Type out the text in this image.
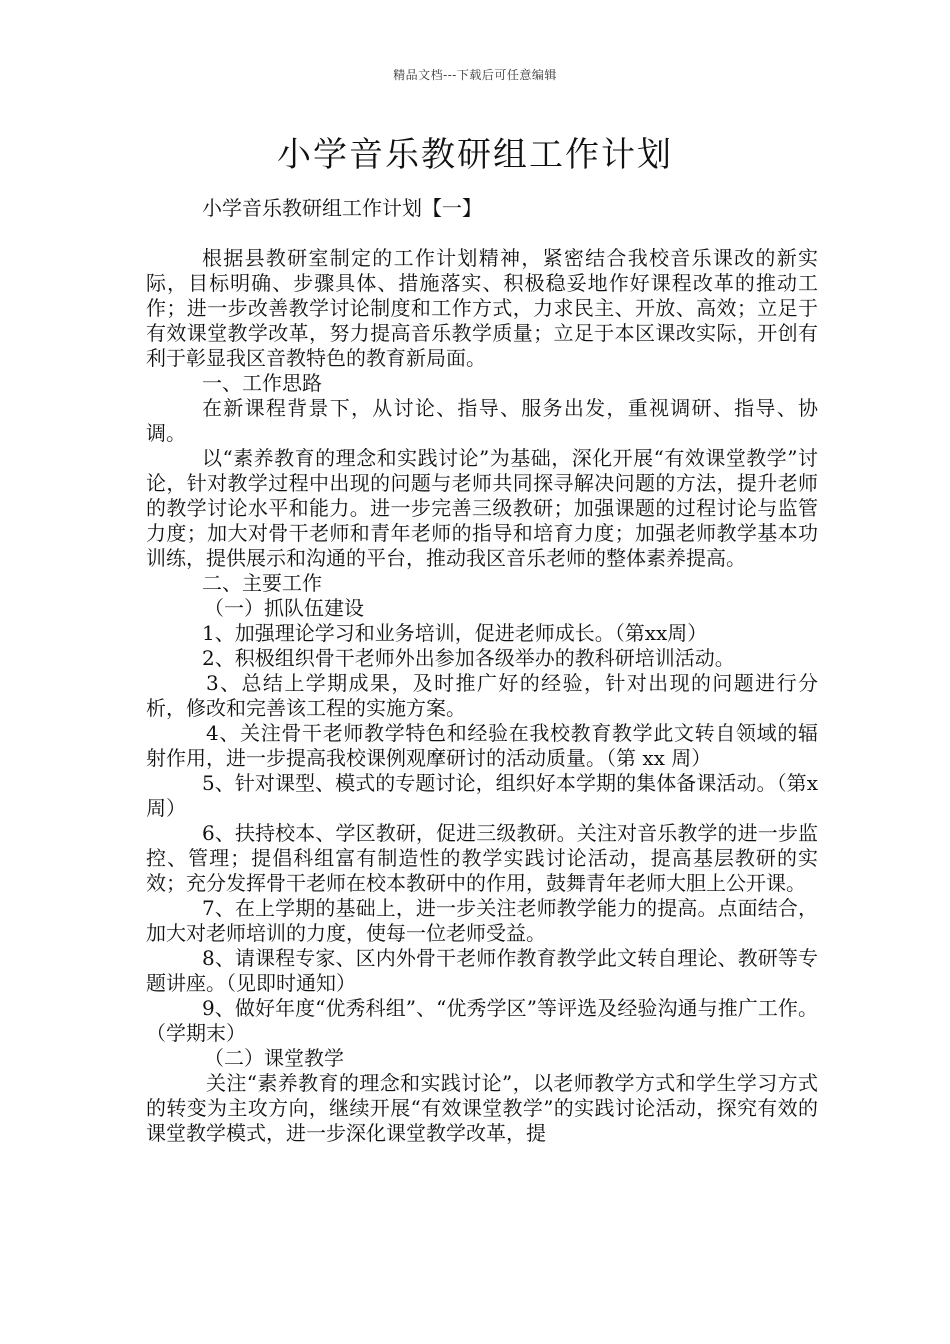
精品文档---下载后可任意编辑
小学音乐教研组工作计划

小学音乐教研组工作计划【一】

根据县教研室制定的工作计划精神，紧密结合我校音乐课改的新实际，目标明确、步骤具体、措施落实、积极稳妥地作好课程改革的推动工作；进一步改善教学讨论制度和工作方式，力求民主、开放、高效；立足于有效课堂教学改革，努力提高音乐教学质量；立足于本区课改实际，开创有利于彰显我区音教特色的教育新局面。

一、工作思路

在新课程背景下，从讨论、指导、服务出发，重视调研、指导、协调。

以“素养教育的理念和实践讨论”为基础，深化开展“有效课堂教学”讨论，针对教学过程中出现的问题与老师共同探寻解决问题的方法，提升老师的教学讨论水平和能力。进一步完善三级教研；加强课题的过程讨论与监管力度；加大对骨干老师和青年老师的指导和培育力度；加强老师教学基本功训练，提供展示和沟通的平台，推动我区音乐老师的整体素养提高。

二、主要工作

（一）抓队伍建设

1、加强理论学习和业务培训，促进老师成长。（第xx周）

2、积极组织骨干老师外出参加各级举办的教科研培训活动。

3、总结上学期成果，及时推广好的经验，针对出现的问题进行分析，修改和完善该工程的实施方案。

4、关注骨干老师教学特色和经验在我校教育教学此文转自领域的辐射作用，进一步提高我校课例观摩研讨的活动质量。（第 xx 周）

5、针对课型、模式的专题讨论，组织好本学期的集体备课活动。（第x周）

6、扶持校本、学区教研，促进三级教研。关注对音乐教学的进一步监控、管理；提倡科组富有制造性的教学实践讨论活动，提高基层教研的实效；充分发挥骨干老师在校本教研中的作用，鼓舞青年老师大胆上公开课。

7、在上学期的基础上，进一步关注老师教学能力的提高。点面结合，加大对老师培训的力度，使每一位老师受益。

8、请课程专家、区内外骨干老师作教育教学此文转自理论、教研等专题讲座。（见即时通知）

9、做好年度“优秀科组”、“优秀学区”等评选及经验沟通与推广工作。（学期末）

（二）课堂教学

关注“素养教育的理念和实践讨论”，以老师教学方式和学生学习方式的转变为主攻方向，继续开展“有效课堂教学”的实践讨论活动，探究有效的课堂教学模式，进一步深化课堂教学改革，提
